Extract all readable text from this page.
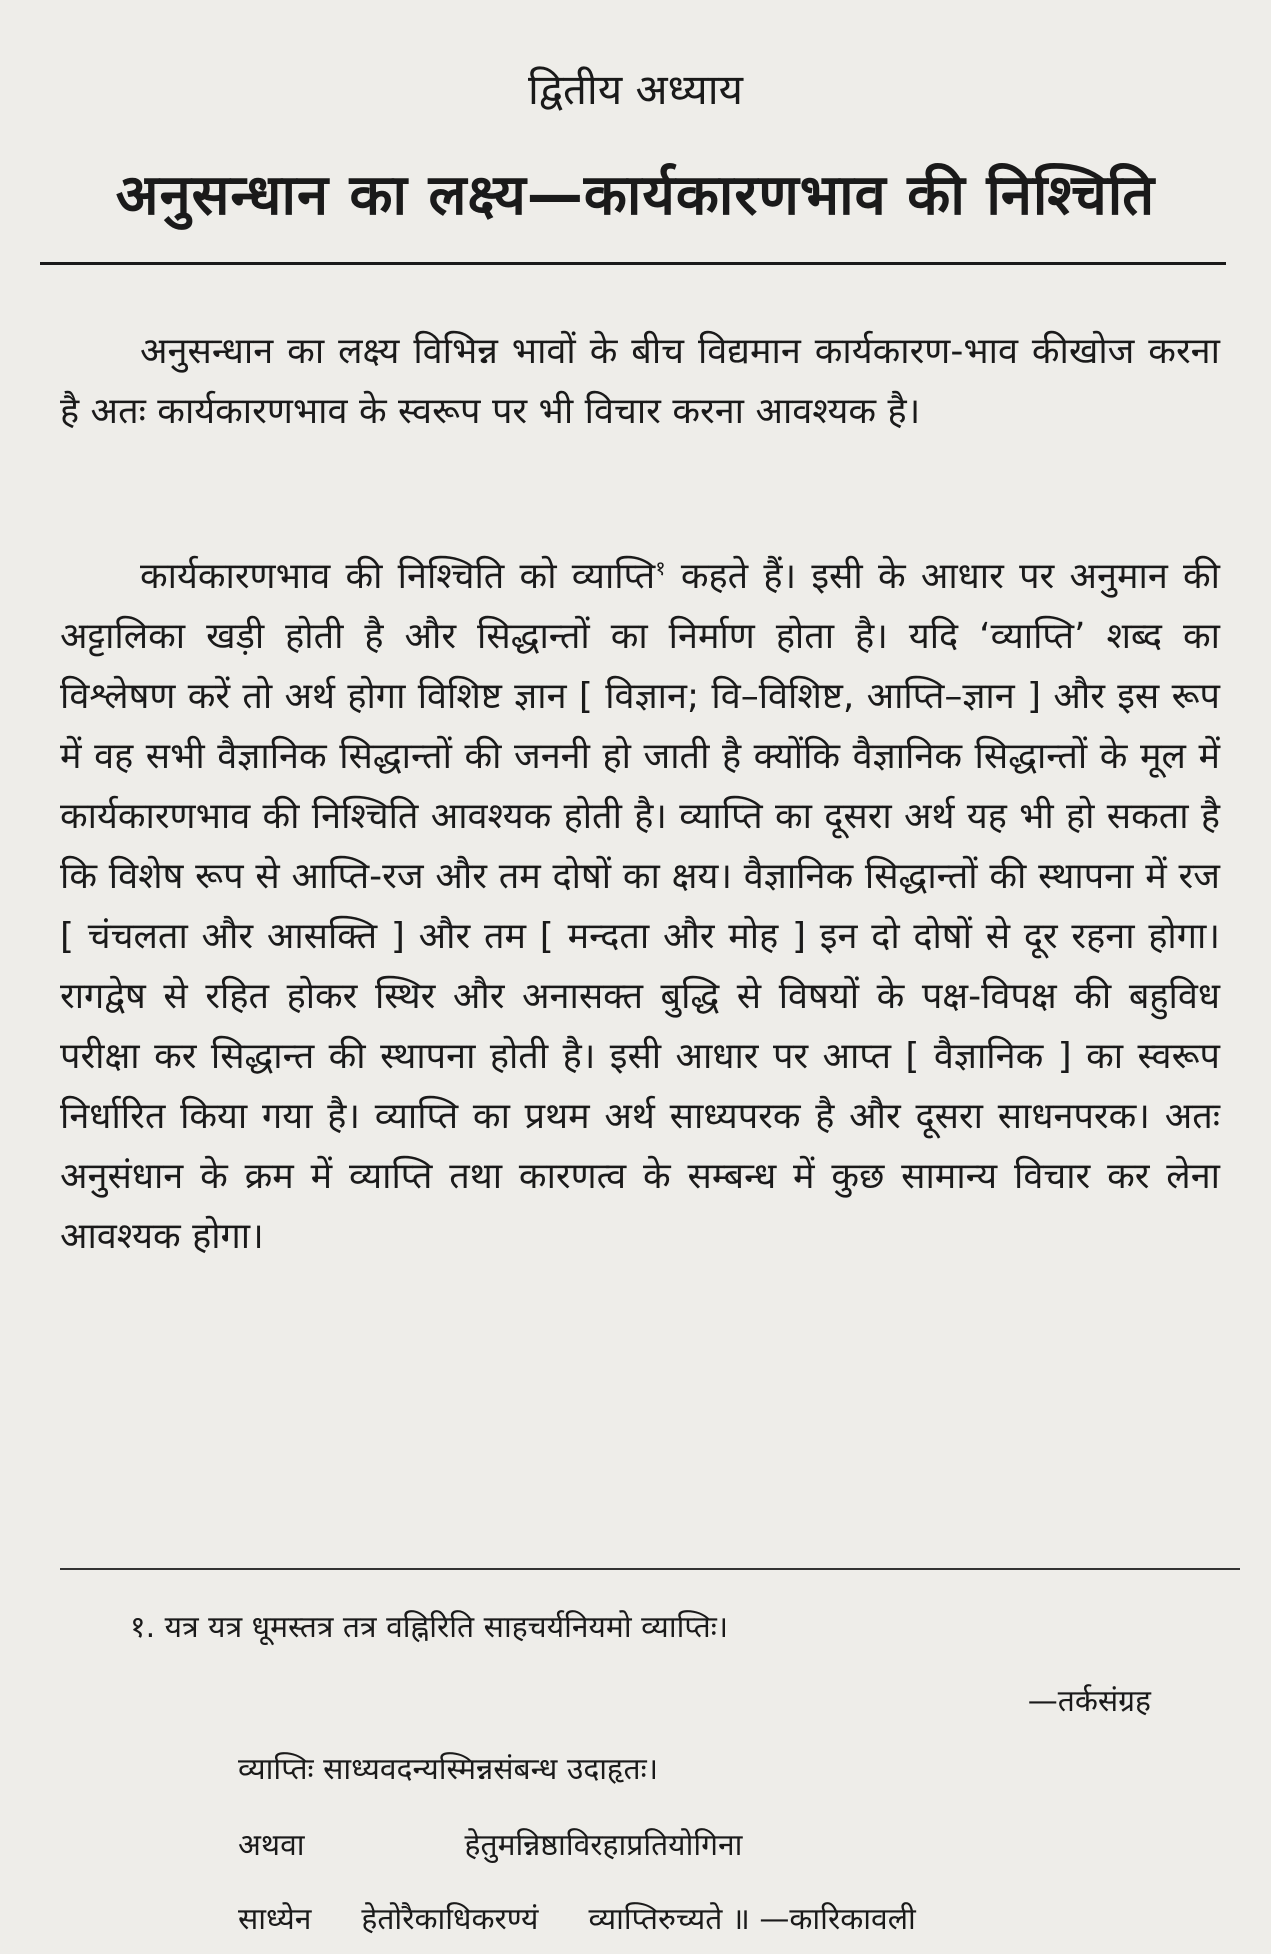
द्वितीय अध्याय
अनुसन्धान का लक्ष्य—कार्यकारणभाव की निश्चिति

अनुसन्धान का लक्ष्य विभिन्न भावों के बीच विद्यमान कार्यकारण-भाव कीखोज करना है अतः कार्यकारणभाव के स्वरूप पर भी विचार करना आवश्यक है।

कार्यकारणभाव की निश्चिति को व्याप्ति$^१$ कहते हैं। इसी के आधार पर अनुमान की अट्टालिका खड़ी होती है और सिद्धान्तों का निर्माण होता है। यदि ‘व्याप्ति’ शब्द का विश्लेषण करें तो अर्थ होगा विशिष्ट ज्ञान [ विज्ञान; वि–विशिष्ट, आप्ति–ज्ञान ] और इस रूप में वह सभी वैज्ञानिक सिद्धान्तों की जननी हो जाती है क्योंकि वैज्ञानिक सिद्धान्तों के मूल में कार्यकारणभाव की निश्चिति आवश्यक होती है। व्याप्ति का दूसरा अर्थ यह भी हो सकता है कि विशेष रूप से आप्ति-रज और तम दोषों का क्षय। वैज्ञानिक सिद्धान्तों की स्थापना में रज [ चंचलता और आसक्ति ] और तम [ मन्दता और मोह ] इन दो दोषों से दूर रहना होगा। रागद्वेष से रहित होकर स्थिर और अनासक्त बुद्धि से विषयों के पक्ष-विपक्ष की बहुविध परीक्षा कर सिद्धान्त की स्थापना होती है। इसी आधार पर आप्त [ वैज्ञानिक ] का स्वरूप निर्धारित किया गया है। व्याप्ति का प्रथम अर्थ साध्यपरक है और दूसरा साधनपरक। अतः अनुसंधान के क्रम में व्याप्ति तथा कारणत्व के सम्बन्ध में कुछ सामान्य विचार कर लेना आवश्यक होगा।

१. यत्र यत्र धूमस्तत्र तत्र वह्निरिति साहचर्यनियमो व्याप्तिः।
—तर्कसंग्रह
व्याप्तिः साध्यवदन्यस्मिन्नसंबन्ध उदाहृतः।
अथवा	हेतुमन्निष्ठाविरहाप्रतियोगिना
साध्येन हेतोरैकाधिकरण्यं व्याप्तिरुच्यते ॥ —कारिकावली
